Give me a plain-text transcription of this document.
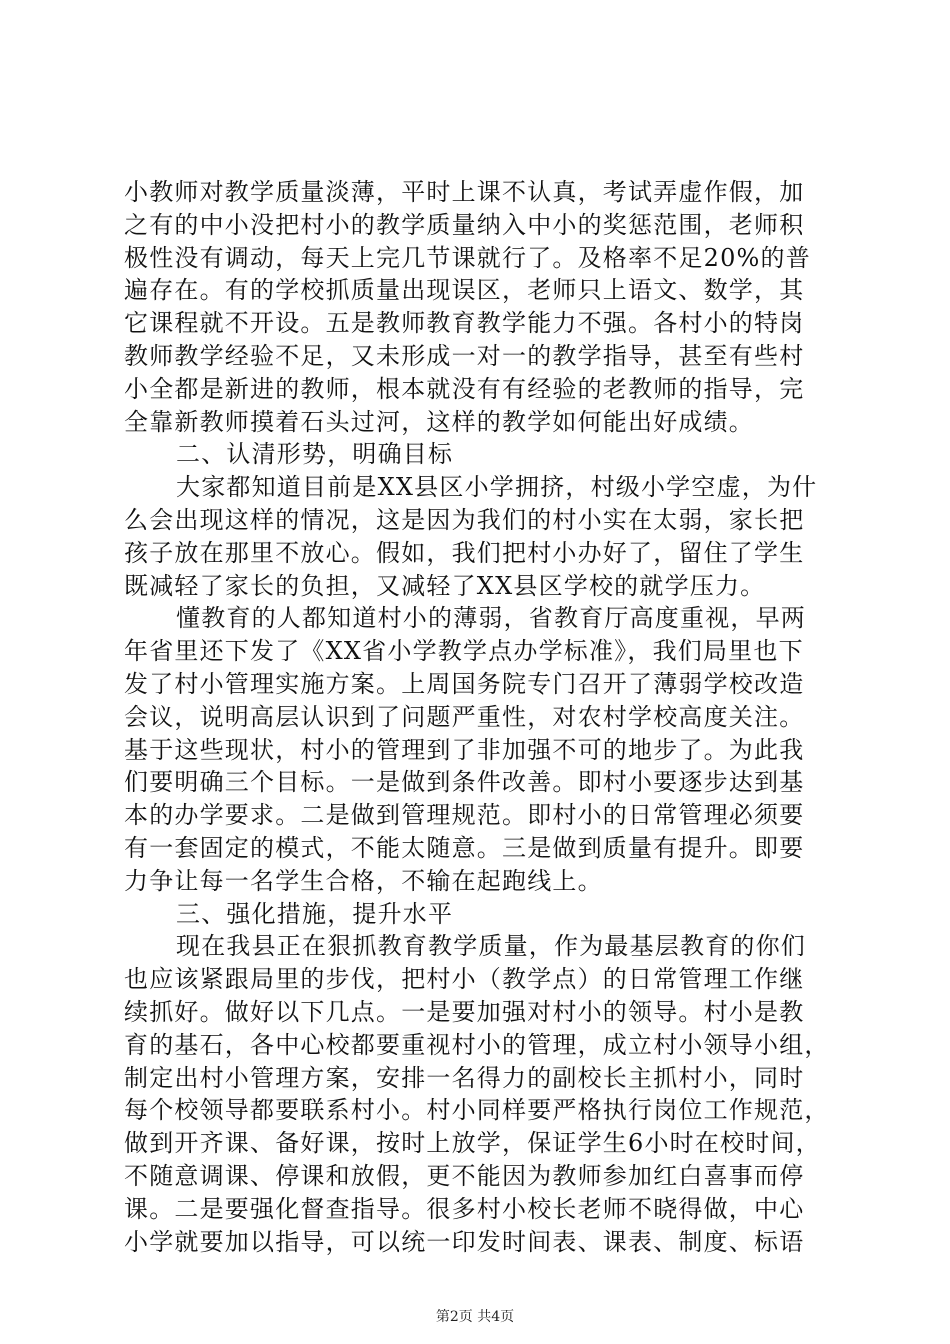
小教师对教学质量淡薄，平时上课不认真，考试弄虚作假，加
之有的中小没把村小的教学质量纳入中小的奖惩范围，老师积
极性没有调动，每天上完几节课就行了。及格率不足20%的普
遍存在。有的学校抓质量出现误区，老师只上语文、数学，其
它课程就不开设。五是教师教育教学能力不强。各村小的特岗
教师教学经验不足，又未形成一对一的教学指导，甚至有些村
小全都是新进的教师，根本就没有有经验的老教师的指导，完
全靠新教师摸着石头过河，这样的教学如何能出好成绩。
二、认清形势，明确目标
大家都知道目前是XX县区小学拥挤，村级小学空虚，为什
么会出现这样的情况，这是因为我们的村小实在太弱，家长把
孩子放在那里不放心。假如，我们把村小办好了，留住了学生
既减轻了家长的负担，又减轻了XX县区学校的就学压力。
懂教育的人都知道村小的薄弱，省教育厅高度重视，早两
年省里还下发了《XX省小学教学点办学标准》，我们局里也下
发了村小管理实施方案。上周国务院专门召开了薄弱学校改造
会议，说明高层认识到了问题严重性，对农村学校高度关注。
基于这些现状，村小的管理到了非加强不可的地步了。为此我
们要明确三个目标。一是做到条件改善。即村小要逐步达到基
本的办学要求。二是做到管理规范。即村小的日常管理必须要
有一套固定的模式，不能太随意。三是做到质量有提升。即要
力争让每一名学生合格，不输在起跑线上。
三、强化措施，提升水平
现在我县正在狠抓教育教学质量，作为最基层教育的你们
也应该紧跟局里的步伐，把村小（教学点）的日常管理工作继
续抓好。做好以下几点。一是要加强对村小的领导。村小是教
育的基石，各中心校都要重视村小的管理，成立村小领导小组，
制定出村小管理方案，安排一名得力的副校长主抓村小，同时
每个校领导都要联系村小。村小同样要严格执行岗位工作规范，
做到开齐课、备好课，按时上放学，保证学生6小时在校时间，
不随意调课、停课和放假，更不能因为教师参加红白喜事而停
课。二是要强化督查指导。很多村小校长老师不晓得做，中心
小学就要加以指导，可以统一印发时间表、课表、制度、标语
第2页 共4页
